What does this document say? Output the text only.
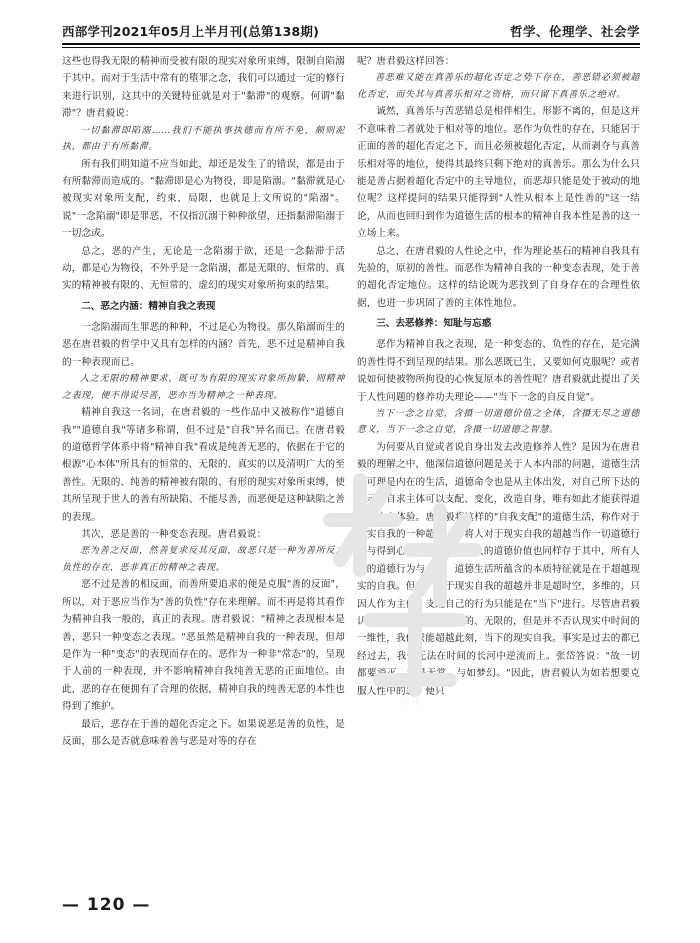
西部学刊2021年05月上半月刊(总第138期)	哲学、伦理学、社会学

这些也得我无限的精神而受被有限的现实对象所束缚，限制自陷溺于其中。而对于生活中常有的堕罪之念，我们可以通过一定的修行来进行识别，这其中的关键特征就是对于"黏滞"的观察。何谓"黏滞"？唐君毅说：

一切黏滞即陷溺……我们不能执事执德而有所不免，颇则泥执，都由于有所黏滞。

所有我们明知道不应当如此，却还是发生了的错误，都是由于有所黏滞而造成的。"黏滞即是心为物役，即是陷溺。"黏滞就是心被现实对象所支配，约束，局限，也就是上文所说的"陷溺"。说"一念陷溺"即是罪恶，不仅指沉溺于种种欲望，还指黏滞陷溺于一切念或。

总之，恶的产生，无论是一念陷溺于欲，还是一念黏滞于活动，都是心为物役，不外乎是一念陷溺，都是无限的、恒常的、真实的精神被有限的、无恒常的、虚幻的现实对象所拘束的结果。

二、恶之内涵：精神自我之表现

一念陷溺而生罪恶的种种，不过是心为物役。那久陷溺而生的恶在唐君毅的哲学中又具有怎样的内涵？首先，恶不过是精神自我的一种表现而已。

人之无限的精神要求，既可为有限的现实对象所拘絷，则精神之表现，便不得说尽善，恶亦当为精神之一种表现。

精神自我这一名词，在唐君毅的一些作品中又被称作"道德自我""道德自我"等诸多称谓，但不过是"自我"异名而已。在唐君毅的道德哲学体系中将"精神自我"看成是纯善无恶的，依据在于它的根源"心本体"所具有的恒常的、无限的、真实的以及清明广大的至善性。无限的、纯善的精神被有限的、有形的现实对象所束缚，使其所呈现于世人的善有所缺陷、不能尽善，而恶便是这种缺陷之善的表现。

其次，恶是善的一种变态表现。唐君毅说：

恶为善之反面，然善复求反其反面，故恶只是一种为善所反之负性的存在，恶非真正的精神之表现。

恶不过是善的相反面，而善所要追求的便是克服"善的反面"，所以，对于恶应当作为"善的负性"存在来理解。而不再是将其看作为精神自我一般的，真正的表现。唐君毅说："精神之表现根本是善，恶只一种变态之表现。"恶虽然是精神自我的一种表现，但却是作为一种"变态"的表现而存在的。恶作为一种非"常态"的，呈现于人前的一种表现，并不影响精神自我纯善无恶的正面地位。由此，恶的存在便拥有了合理的依据，精神自我的纯善无恶的本性也得到了维护。

最后，恶存在于善的超化否定之下。如果说恶是善的负性，是反面，那么是否就意味着善与恶是对等的存在

呢？唐君毅这样回答：

善恶难又能在真善乐的超化否定之势下存在，善恶错必须被超化否定，而失其与真善乐相对之资格，而只留下真善乐之绝对。

诚然，真善乐与苦恶错总是相伴相生、形影不离的，但是这并不意味着二者就处于相对等的地位。恶作为负性的存在，只能居于正面的善的超化否定之下，而且必须被超化否定，从而剥夺与真善乐相对等的地位，使得其最终只剩下绝对的真善乐。那么为什么只能是善占据着超化否定中的主导地位，而恶却只能是处于被动的地位呢？这样提问的结果只能得到"人性从根本上是性善的"这一结论，从而也回归到作为道德生活的根本的精神自我本性是善的这一立场上来。

总之，在唐君毅的人性论之中，作为理论基石的精神自我具有先验的，原初的善性。而恶作为精神自我的一种变态表现，处于善的超化否定地位。这样的结论既为恶找到了自身存在的合理性依据，也进一步巩固了善的主体性地位。

三、去恶修养：知耻与忘惑

恶作为精神自我之表现，是一种变态的、负性的存在，是完满的善性得不到呈现的结果。那么恶既已生，又要如何克服呢？或者说如何使被物所拘役的心恢复原本的善性呢？唐君毅就此提出了关于人性问题的修养功夫理论——"当下一念的自反自觉"。

当下一念之自觉，含摄一切道德价值之全体，含摄无尽之道德意义，当下一念之自觉，含摄一切道德之智慧。

为何要从自觉或者说自身出发去改造修养人性？是因为在唐君毅的理解之中，他深信道德问题是关于人本内部的问题，道德生活也可理是内在的生活，道德命令也是从主体出发，对自己所下达的指示。自求主体可以支配、变化，改造自身，唯有如此才能获得道德意志之体验。唐君毅将这样的"自我支配"的道德生活，称作对于现实自我的一种超越，并将人对于现实自我的超越当作一切道德行为与得到心理的共性特征。人的道德价值也同样存于其中，所有人类的道德行为与心理，道德生活所蕴含的本质特征就是在于超越现实的自我。但是，对于现实自我的超越并非是超时空，多维的，只因人作为主体，支配自己的行为只能是在"当下"进行。尽管唐君毅认为人的精神本质是恒常的、无限的，但是并不否认现实中时间的一维性，我们只能超越此刻，当下的现实自我。事实是过去的都已经过去，我们无法在时间的长河中逆流而上。张岱答说："故一切都要消灭，都是无常，与如梦幻。"因此，唐君毅认为如若想要克服人性中的恶，便只

学刊
— 120 —
